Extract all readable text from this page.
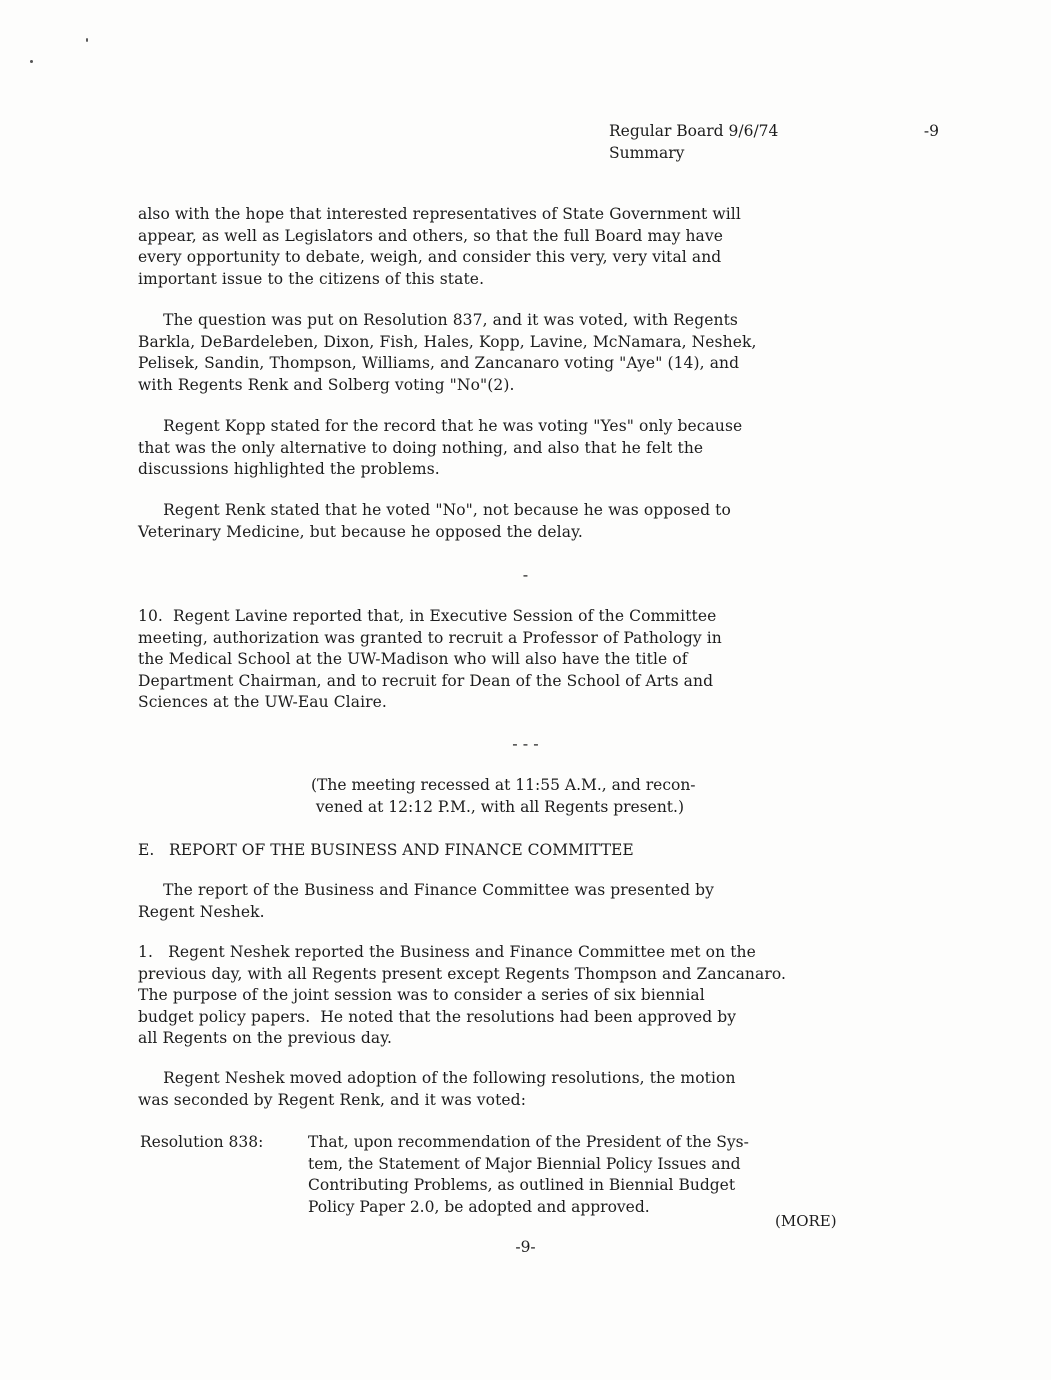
Regular Board 9/6/74	-9
Summary
also with the hope that interested representatives of State Government will
appear, as well as Legislators and others, so that the full Board may have
every opportunity to debate, weigh, and consider this very, very vital and
important issue to the citizens of this state.
The question was put on Resolution 837, and it was voted, with Regents
Barkla, DeBardeleben, Dixon, Fish, Hales, Kopp, Lavine, McNamara, Neshek,
Pelisek, Sandin, Thompson, Williams, and Zancanaro voting "Aye" (14), and
with Regents Renk and Solberg voting "No"(2).
Regent Kopp stated for the record that he was voting "Yes" only because
that was the only alternative to doing nothing, and also that he felt the
discussions highlighted the problems.
Regent Renk stated that he voted "No", not because he was opposed to
Veterinary Medicine, but because he opposed the delay.
-
10.  Regent Lavine reported that, in Executive Session of the Committee
meeting, authorization was granted to recruit a Professor of Pathology in
the Medical School at the UW-Madison who will also have the title of
Department Chairman, and to recruit for Dean of the School of Arts and
Sciences at the UW-Eau Claire.
- - -
(The meeting recessed at 11:55 A.M., and recon-
vened at 12:12 P.M., with all Regents present.)
E.   REPORT OF THE BUSINESS AND FINANCE COMMITTEE
The report of the Business and Finance Committee was presented by
Regent Neshek.
1.   Regent Neshek reported the Business and Finance Committee met on the
previous day, with all Regents present except Regents Thompson and Zancanaro.
The purpose of the joint session was to consider a series of six biennial
budget policy papers.  He noted that the resolutions had been approved by
all Regents on the previous day.
Regent Neshek moved adoption of the following resolutions, the motion
was seconded by Regent Renk, and it was voted:
Resolution 838:	That, upon recommendation of the President of the Sys-
tem, the Statement of Major Biennial Policy Issues and
Contributing Problems, as outlined in Biennial Budget
Policy Paper 2.0, be adopted and approved.
(MORE)
-9-
